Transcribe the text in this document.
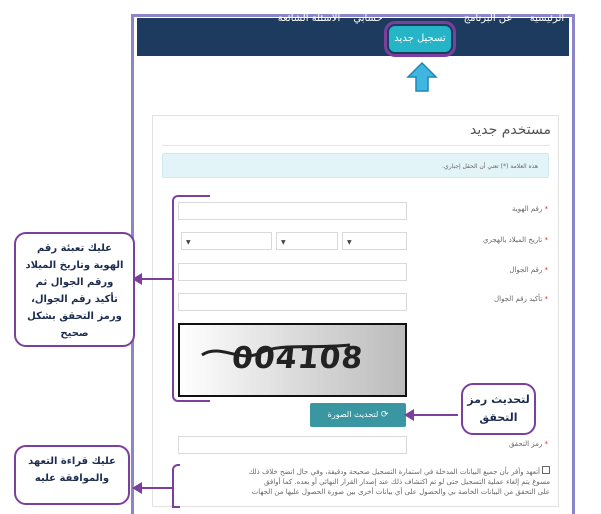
الرئيسية
عن البرنامج
تسجيل جديد
حسابي
الأسئلة الشائعة
مستخدم جديد
هذه العلامة (*) تعني أن الحقل إجباري.
* رقم الهوية
* تاريخ الميلاد بالهجري
▼
▼
▼
* رقم الجوال
* تأكيد رقم الجوال
004108
⟳ لتحديث الصورة
* رمز التحقق
أتعهد وأقر بأن جميع البيانات المدخلة في استمارة التسجيل صحيحة ودقيقة، وفي حال اتضح خلاف ذلك
مسوغ يتم إلغاء عملية التسجيل حتى لو تم اكتشاف ذلك عند إصدار القرار النهائي أو بعده. كما أوافق
على التحقق من البيانات الخاصة بي والحصول على أي بيانات أخرى بين صورة الحصول عليها من الجهات
عليك تعبئة رقم الهوية وتاريخ الميلاد ورقم الجوال ثم تأكيد رقم الجوال، ورمز التحقق بشكل صحيح
لتحديث رمز التحقق
عليك قراءة التعهد والموافقة عليه
